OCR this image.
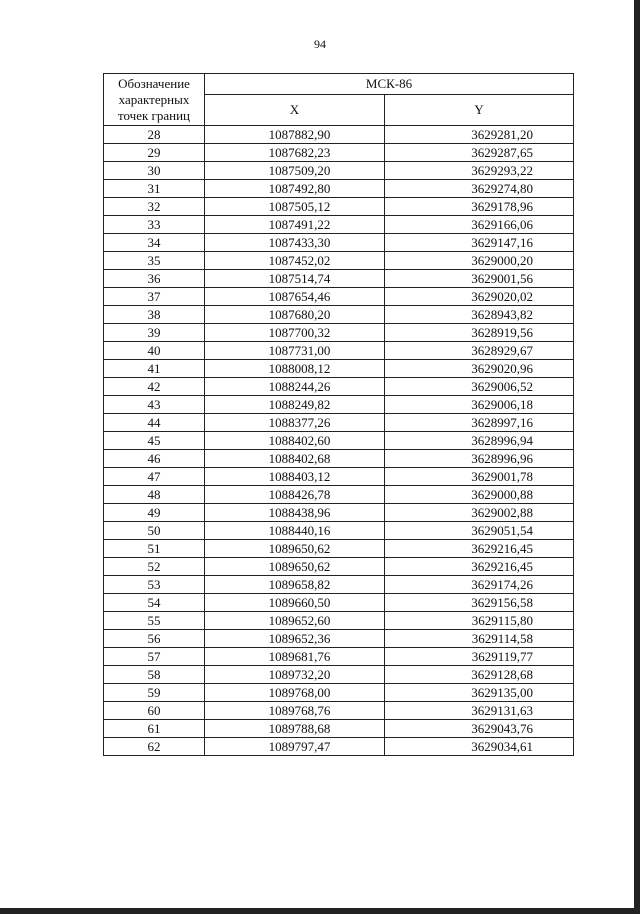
94
Обозначение характерных точек границ	МСК-86	
	X	Y
28	1087882,90	3629281,20
29	1087682,23	3629287,65
30	1087509,20	3629293,22
31	1087492,80	3629274,80
32	1087505,12	3629178,96
33	1087491,22	3629166,06
34	1087433,30	3629147,16
35	1087452,02	3629000,20
36	1087514,74	3629001,56
37	1087654,46	3629020,02
38	1087680,20	3628943,82
39	1087700,32	3628919,56
40	1087731,00	3628929,67
41	1088008,12	3629020,96
42	1088244,26	3629006,52
43	1088249,82	3629006,18
44	1088377,26	3628997,16
45	1088402,60	3628996,94
46	1088402,68	3628996,96
47	1088403,12	3629001,78
48	1088426,78	3629000,88
49	1088438,96	3629002,88
50	1088440,16	3629051,54
51	1089650,62	3629216,45
52	1089650,62	3629216,45
53	1089658,82	3629174,26
54	1089660,50	3629156,58
55	1089652,60	3629115,80
56	1089652,36	3629114,58
57	1089681,76	3629119,77
58	1089732,20	3629128,68
59	1089768,00	3629135,00
60	1089768,76	3629131,63
61	1089788,68	3629043,76
62	1089797,47	3629034,61
